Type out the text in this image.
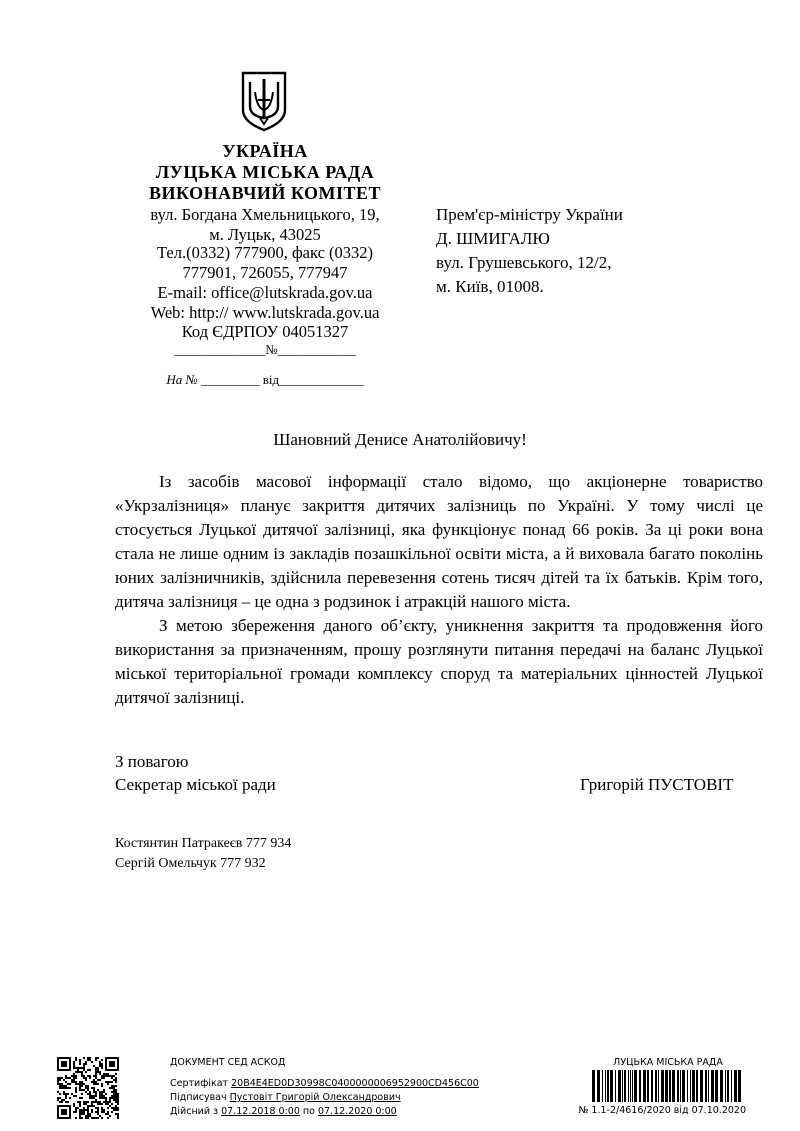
УКРАЇНА
ЛУЦЬКА МІСЬКА РАДА
ВИКОНАВЧИЙ КОМІТЕТ
вул. Богдана Хмельницького, 19,
м. Луцьк, 43025
Тел.(0332) 777900, факс (0332)
777901, 726055, 777947
E-mail: office@lutskrada.gov.ua
Web: http:// www.lutskrada.gov.ua
Код ЄДРПОУ 04051327
______________№____________
На № _________ від_____________
Прем'єр-міністру України
Д. ШМИГАЛЮ
вул. Грушевського, 12/2,
м. Київ, 01008.
Шановний Денисе Анатолійовичу!

Із засобів масової інформації стало відомо, що акціонерне товариство «Укрзалізниця» планує закриття дитячих залізниць по Україні. У тому числі це стосується Луцької дитячої залізниці, яка функціонує понад 66 років. За ці роки вона стала не лише одним із закладів позашкільної освіти міста, а й виховала багато поколінь юних залізничників, здійснила перевезення сотень тисяч дітей та їх батьків. Крім того, дитяча залізниця – це одна з родзинок і атракцій нашого міста.

З метою збереження даного об’єкту, уникнення закриття та продовження його використання за призначенням, прошу розглянути питання передачі на баланс Луцької міської територіальної громади комплексу споруд та матеріальних цінностей Луцької дитячої залізниці.

З повагою
Секретар міської ради	Григорій ПУСТОВІТ
Костянтин Патракеєв 777 934
Сергій Омельчук 777 932
ДОКУМЕНТ СЕД АСКОД
Сертифікат 20B4E4ED0D30998C0400000006952900CD456C00
Підписувач Пустовіт Григорій Олександрович
Дійсний з 07.12.2018 0:00 по 07.12.2020 0:00
ЛУЦЬКА МІСЬКА РАДА
№ 1.1-2/4616/2020 від 07.10.2020
